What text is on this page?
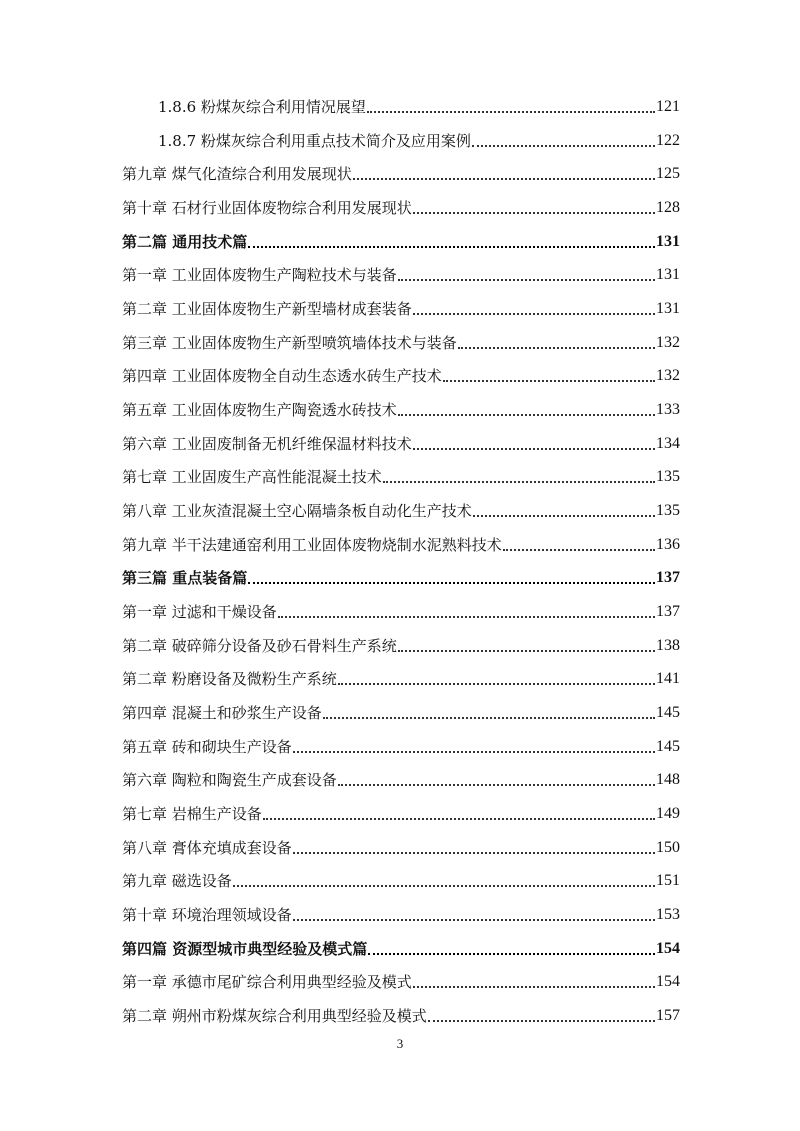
1.8.6 粉煤灰综合利用情况展望	121
1.8.7 粉煤灰综合利用重点技术简介及应用案例	122
第九章 煤气化渣综合利用发展现状	125
第十章 石材行业固体废物综合利用发展现状	128
第二篇 通用技术篇	131
第一章 工业固体废物生产陶粒技术与装备	131
第二章 工业固体废物生产新型墙材成套装备	131
第三章 工业固体废物生产新型喷筑墙体技术与装备	132
第四章 工业固体废物全自动生态透水砖生产技术	132
第五章 工业固体废物生产陶瓷透水砖技术	133
第六章 工业固废制备无机纤维保温材料技术	134
第七章 工业固废生产高性能混凝土技术	135
第八章 工业灰渣混凝土空心隔墙条板自动化生产技术	135
第九章 半干法建通窑利用工业固体废物烧制水泥熟料技术	136
第三篇 重点装备篇	137
第一章 过滤和干燥设备	137
第二章 破碎筛分设备及砂石骨料生产系统	138
第二章 粉磨设备及微粉生产系统	141
第四章 混凝土和砂浆生产设备	145
第五章 砖和砌块生产设备	145
第六章 陶粒和陶瓷生产成套设备	148
第七章 岩棉生产设备	149
第八章 膏体充填成套设备	150
第九章 磁选设备	151
第十章 环境治理领域设备	153
第四篇 资源型城市典型经验及模式篇	154
第一章 承德市尾矿综合利用典型经验及模式	154
第二章 朔州市粉煤灰综合利用典型经验及模式	157
3
